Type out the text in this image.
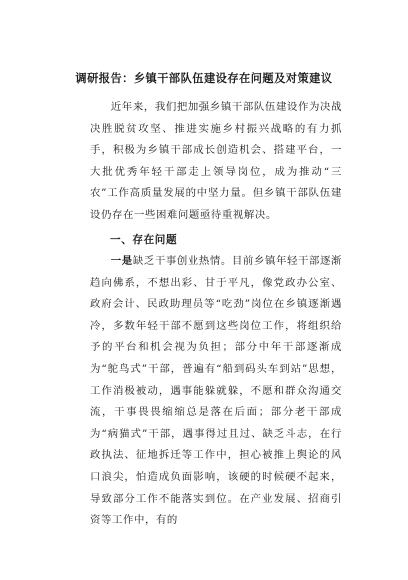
调研报告：乡镇干部队伍建设存在问题及对策建议

近年来，我们把加强乡镇干部队伍建设作为决战决胜脱贫攻坚、推进实施乡村振兴战略的有力抓手，积极为乡镇干部成长创造机会、搭建平台，一大批优秀年轻干部走上领导岗位，成为推动“三农”工作高质量发展的中坚力量。但乡镇干部队伍建设仍存在一些困难问题亟待重视解决。

一、存在问题

一是缺乏干事创业热情。目前乡镇年轻干部逐渐趋向佛系，不想出彩、甘于平凡，像党政办公室、政府会计、民政助理员等“吃劲”岗位在乡镇逐渐遇冷，多数年轻干部不愿到这些岗位工作，将组织给予的平台和机会视为负担；部分中年干部逐渐成为“鸵鸟式”干部，普遍有“船到码头车到站”思想，工作消极被动，遇事能躲就躲，不愿和群众沟通交流，干事畏畏缩缩总是落在后面；部分老干部成为“病猫式”干部，遇事得过且过、缺乏斗志，在行政执法、征地拆迁等工作中，担心被推上舆论的风口浪尖，怕造成负面影响，该硬的时候硬不起来，导致部分工作不能落实到位。在产业发展、招商引资等工作中，有的
